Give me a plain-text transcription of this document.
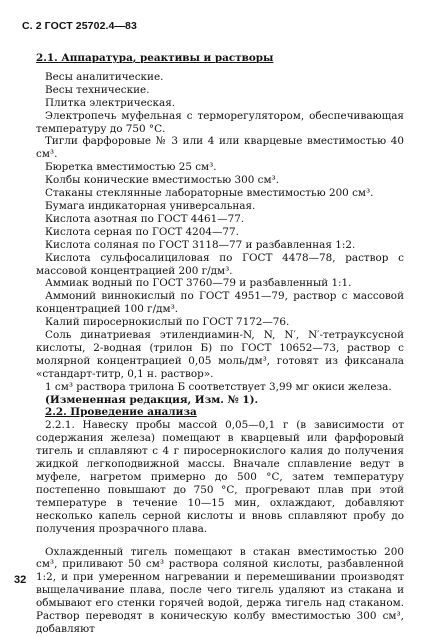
С. 2 ГОСТ 25702.4—83

2.1. Аппаратура, реактивы и растворы

Весы аналитические.

Весы технические.

Плитка электрическая.

Электропечь муфельная с терморегулятором, обеспечивающая температуру до 750 °С.

Тигли фарфоровые № 3 или 4 или кварцевые вместимостью 40 см³.

Бюретка вместимостью 25 см³.

Колбы конические вместимостью 300 см³.

Стаканы стеклянные лабораторные вместимостью 200 см³.

Бумага индикаторная универсальная.

Кислота азотная по ГОСТ 4461—77.

Кислота серная по ГОСТ 4204—77.

Кислота соляная по ГОСТ 3118—77 и разбавленная 1:2.

Кислота сульфосалициловая по ГОСТ 4478—78, раствор с массовой концентрацией 200 г/дм³.

Аммиак водный по ГОСТ 3760—79 и разбавленный 1:1.

Аммоний виннокислый по ГОСТ 4951—79, раствор с массовой концентрацией 100 г/дм³.

Калий пиросернокислый по ГОСТ 7172—76.

Соль динатриевая этилендиамин-N, N, N′, N′-тетрауксусной кислоты, 2-водная (трилон Б) по ГОСТ 10652—73, раствор с молярной концентрацией 0,05 моль/дм³, готовят из фиксанала «стандарт-титр, 0,1 н. раствор».

1 см³ раствора трилона Б соответствует 3,99 мг окиси железа.

(Измененная редакция, Изм. № 1).

2.2. Проведение анализа

2.2.1. Навеску пробы массой 0,05—0,1 г (в зависимости от содержания железа) помещают в кварцевый или фарфоровый тигель и сплавляют с 4 г пиросернокислого калия до получения жидкой легкоподвижной массы. Вначале сплавление ведут в муфеле, нагретом примерно до 500 °С, затем температуру постепенно повышают до 750 °С, прогревают плав при этой температуре в течение 10—15 мин, охлаждают, добавляют несколько капель серной кислоты и вновь сплавляют пробу до получения прозрачного плава.

Охлажденный тигель помещают в стакан вместимостью 200 см³, приливают 50 см³ раствора соляной кислоты, разбавленной 1:2, и при умеренном нагревании и перемешивании производят выщелачивание плава, после чего тигель удаляют из стакана и обмывают его стенки горячей водой, держа тигель над стаканом. Раствор переводят в коническую колбу вместимостью 300 см³, добавляют

32
